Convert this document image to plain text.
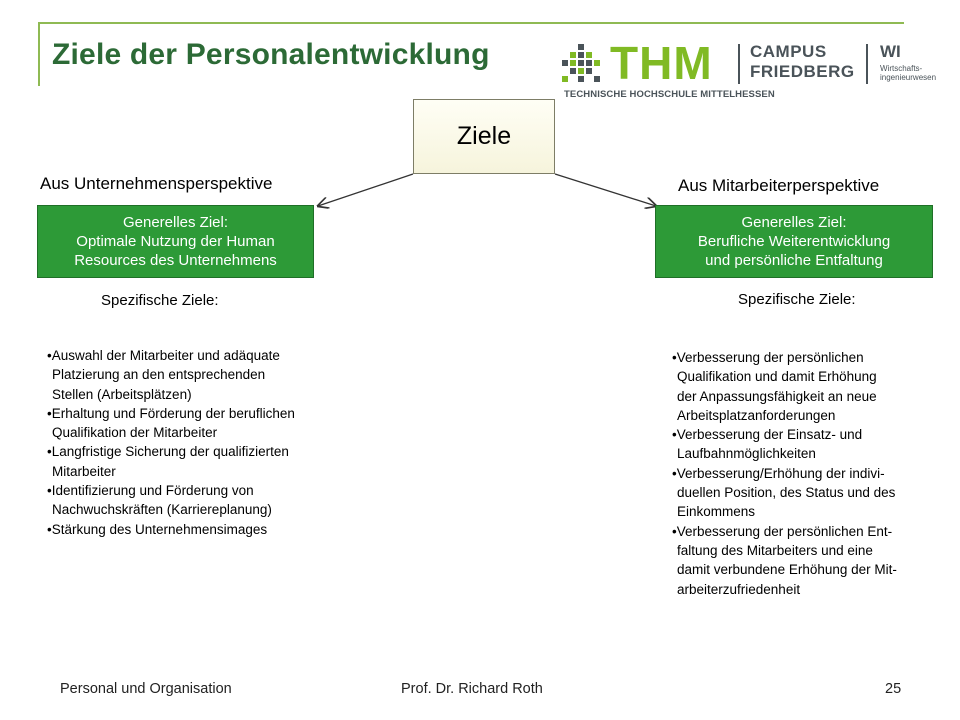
Ziele der Personalentwicklung	THM
TECHNISCHE HOCHSCHULE MITTELHESSEN
CAMPUS
FRIEDBERG
WI
Wirtschafts-
ingenieurwesen
Ziele
Aus Unternehmensperspektive
Generelles Ziel:
Optimale Nutzung der Human
Resources des Unternehmens
Spezifische Ziele:
•Auswahl der Mitarbeiter und adäquate
Platzierung an den entsprechenden
Stellen (Arbeitsplätzen)
•Erhaltung und Förderung der beruflichen
Qualifikation der Mitarbeiter
•Langfristige Sicherung der qualifizierten
Mitarbeiter
•Identifizierung und Förderung von
Nachwuchskräften (Karriereplanung)
•Stärkung des Unternehmensimages
Aus Mitarbeiterperspektive
Generelles Ziel:
Berufliche Weiterentwicklung
und persönliche Entfaltung
Spezifische Ziele:
•Verbesserung der persönlichen
Qualifikation und damit Erhöhung
der Anpassungsfähigkeit an neue
Arbeitsplatzanforderungen
•Verbesserung der Einsatz- und
Laufbahnmöglichkeiten
•Verbesserung/Erhöhung der indivi-
duellen Position, des Status und des
Einkommens
•Verbesserung der persönlichen Ent-
faltung des Mitarbeiters und eine
damit verbundene Erhöhung der Mit-
arbeiterzufriedenheit
Personal und Organisation	Prof. Dr. Richard Roth	25
